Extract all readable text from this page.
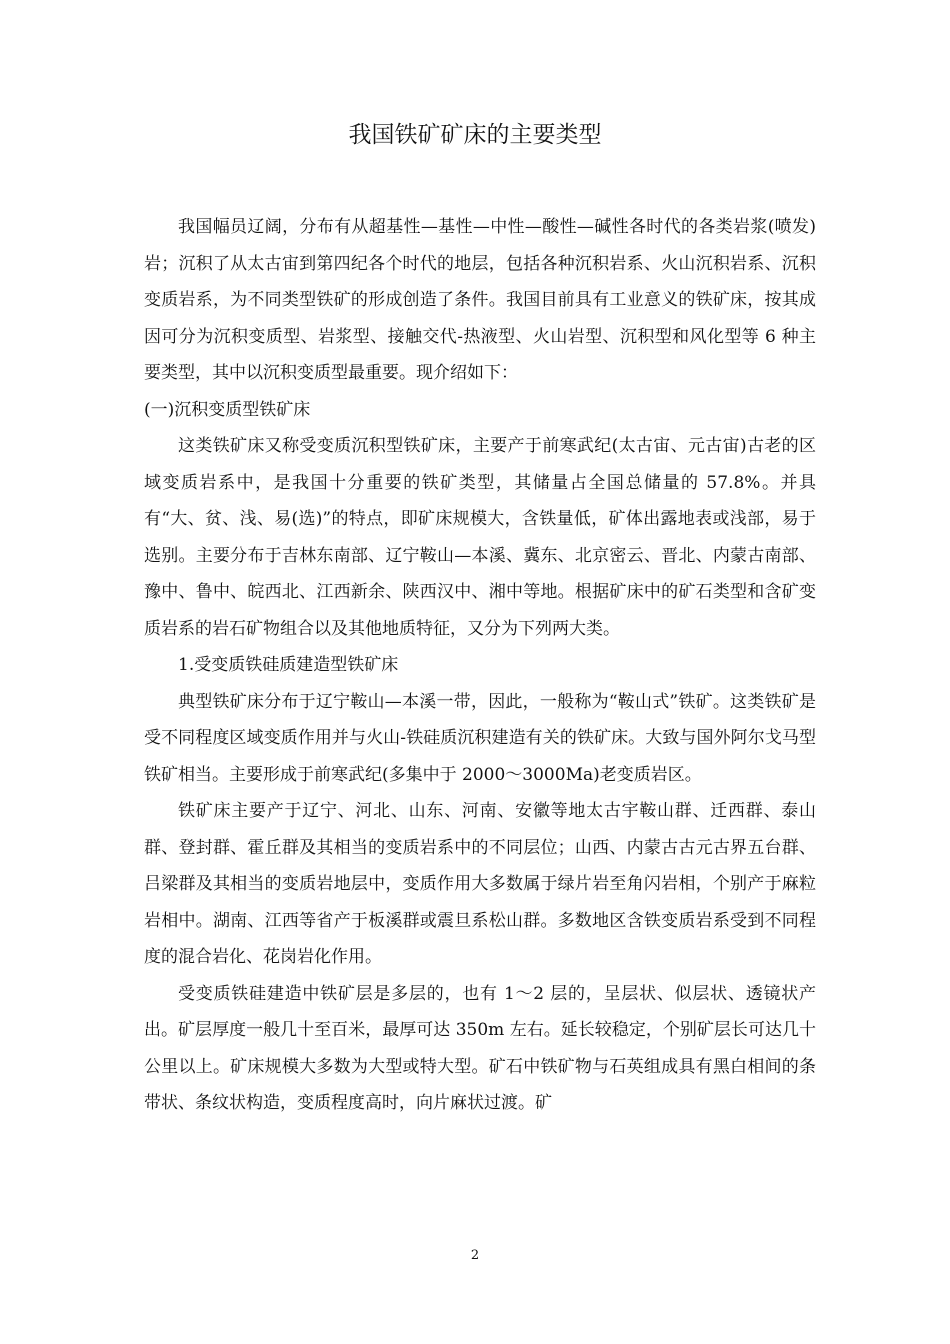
我国铁矿矿床的主要类型

我国幅员辽阔，分布有从超基性—基性—中性—酸性—碱性各时代的各类岩浆(喷发)岩；沉积了从太古宙到第四纪各个时代的地层，包括各种沉积岩系、火山沉积岩系、沉积变质岩系，为不同类型铁矿的形成创造了条件。我国目前具有工业意义的铁矿床，按其成因可分为沉积变质型、岩浆型、接触交代-热液型、火山岩型、沉积型和风化型等 6 种主要类型，其中以沉积变质型最重要。现介绍如下：

(一)沉积变质型铁矿床

这类铁矿床又称受变质沉积型铁矿床，主要产于前寒武纪(太古宙、元古宙)古老的区域变质岩系中，是我国十分重要的铁矿类型，其储量占全国总储量的 57.8%。并具有“大、贫、浅、易(选)”的特点，即矿床规模大，含铁量低，矿体出露地表或浅部，易于选别。主要分布于吉林东南部、辽宁鞍山—本溪、冀东、北京密云、晋北、内蒙古南部、豫中、鲁中、皖西北、江西新余、陕西汉中、湘中等地。根据矿床中的矿石类型和含矿变质岩系的岩石矿物组合以及其他地质特征，又分为下列两大类。

1.受变质铁硅质建造型铁矿床

典型铁矿床分布于辽宁鞍山—本溪一带，因此，一般称为“鞍山式”铁矿。这类铁矿是受不同程度区域变质作用并与火山-铁硅质沉积建造有关的铁矿床。大致与国外阿尔戈马型铁矿相当。主要形成于前寒武纪(多集中于 2000～3000Ma)老变质岩区。

铁矿床主要产于辽宁、河北、山东、河南、安徽等地太古宇鞍山群、迁西群、泰山群、登封群、霍丘群及其相当的变质岩系中的不同层位；山西、内蒙古古元古界五台群、吕梁群及其相当的变质岩地层中，变质作用大多数属于绿片岩至角闪岩相，个别产于麻粒岩相中。湖南、江西等省产于板溪群或震旦系松山群。多数地区含铁变质岩系受到不同程度的混合岩化、花岗岩化作用。

受变质铁硅建造中铁矿层是多层的，也有 1～2 层的，呈层状、似层状、透镜状产出。矿层厚度一般几十至百米，最厚可达 350m 左右。延长较稳定，个别矿层长可达几十公里以上。矿床规模大多数为大型或特大型。矿石中铁矿物与石英组成具有黑白相间的条带状、条纹状构造，变质程度高时，向片麻状过渡。矿

2
